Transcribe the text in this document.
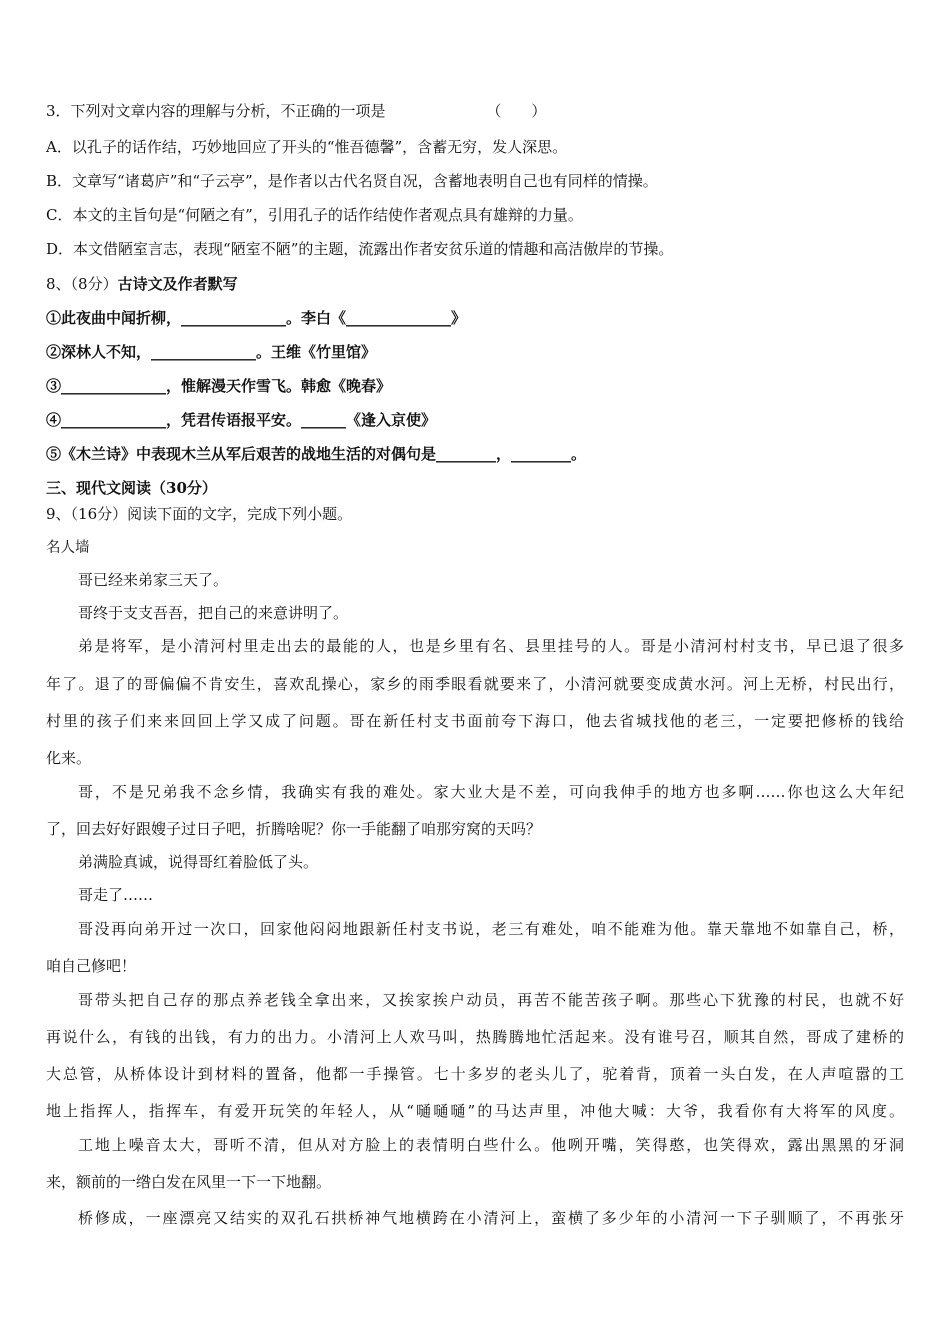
3．下列对文章内容的理解与分析，不正确的一项是	（　　）
A．以孔子的话作结，巧妙地回应了开头的“惟吾德馨”，含蓄无穷，发人深思。
B．文章写“诸葛庐”和“子云亭”，是作者以古代名贤自况，含蓄地表明自己也有同样的情操。
C．本文的主旨句是“何陋之有”，引用孔子的话作结使作者观点具有雄辩的力量。
D．本文借陋室言志，表现“陋室不陋”的主题，流露出作者安贫乐道的情趣和高洁傲岸的节操。
8、（8分）古诗文及作者默写
①此夜曲中闻折柳，______________。李白《______________》
②深林人不知，______________。王维《竹里馆》
③______________，惟解漫天作雪飞。韩愈《晚春》
④______________，凭君传语报平安。______《逢入京使》
⑤《木兰诗》中表现木兰从军后艰苦的战地生活的对偶句是________，________。
三、现代文阅读（30分）
9、（16分）阅读下面的文字，完成下列小题。
名人墙
哥已经来弟家三天了。
哥终于支支吾吾，把自己的来意讲明了。
弟是将军，是小清河村里走出去的最能的人，也是乡里有名、县里挂号的人。哥是小清河村村支书，早已退了很多
年了。退了的哥偏偏不肯安生，喜欢乱操心，家乡的雨季眼看就要来了，小清河就要变成黄水河。河上无桥，村民出行，
村里的孩子们来来回回上学又成了问题。哥在新任村支书面前夸下海口，他去省城找他的老三，一定要把修桥的钱给
化来。
哥，不是兄弟我不念乡情，我确实有我的难处。家大业大是不差，可向我伸手的地方也多啊……你也这么大年纪
了，回去好好跟嫂子过日子吧，折腾啥呢？你一手能翻了咱那穷窝的天吗？
弟满脸真诚，说得哥红着脸低了头。
哥走了……
哥没再向弟开过一次口，回家他闷闷地跟新任村支书说，老三有难处，咱不能难为他。靠天靠地不如靠自己，桥，
咱自己修吧！
哥带头把自己存的那点养老钱全拿出来，又挨家挨户动员，再苦不能苦孩子啊。那些心下犹豫的村民，也就不好
再说什么，有钱的出钱，有力的出力。小清河上人欢马叫，热腾腾地忙活起来。没有谁号召，顺其自然，哥成了建桥的
大总管，从桥体设计到材料的置备，他都一手操管。七十多岁的老头儿了，驼着背，顶着一头白发，在人声喧嚣的工
地上指挥人，指挥车，有爱开玩笑的年轻人，从“嗵嗵嗵”的马达声里，冲他大喊：大爷，我看你有大将军的风度。
工地上噪音太大，哥听不清，但从对方脸上的表情明白些什么。他咧开嘴，笑得憨，也笑得欢，露出黑黑的牙洞
来，额前的一绺白发在风里一下一下地翻。
桥修成，一座漂亮又结实的双孔石拱桥神气地横跨在小清河上，蛮横了多少年的小清河一下子驯顺了，不再张牙
